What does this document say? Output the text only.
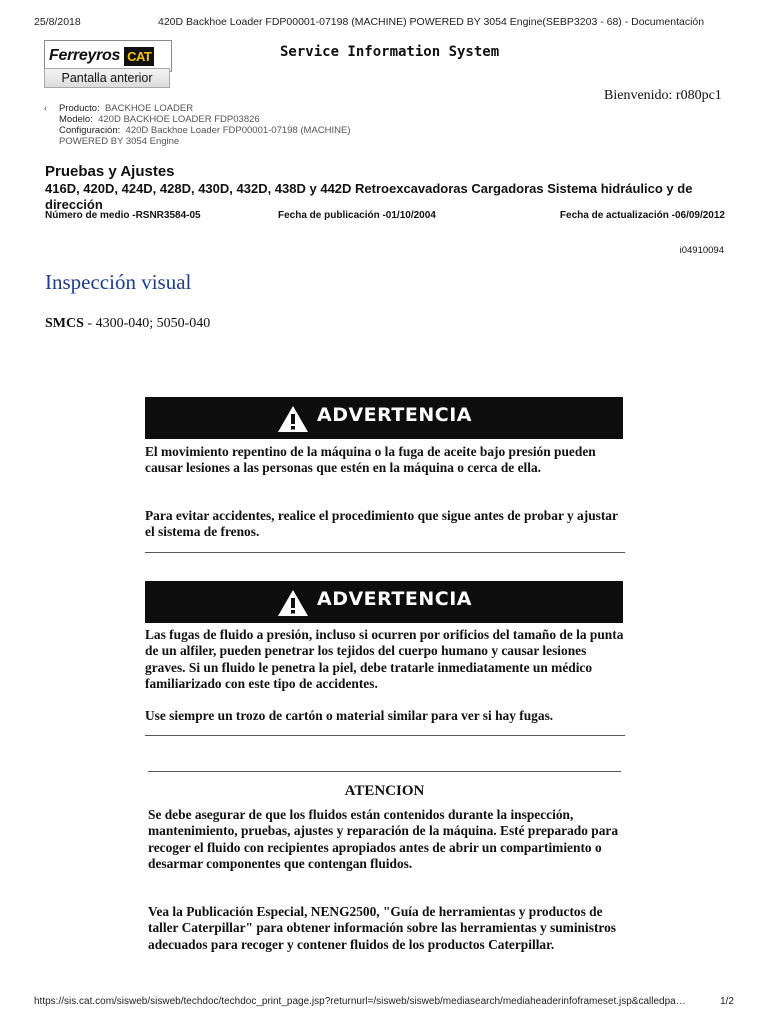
25/8/2018	420D Backhoe Loader FDP00001-07198 (MACHINE) POWERED BY 3054 Engine(SEBP3203 - 68) - Documentación
Ferreyros CAT
Pantalla anterior
Service Information System
Bienvenido: r080pc1
‹ Producto: BACKHOE LOADER
Modelo: 420D BACKHOE LOADER FDP03826
Configuración: 420D Backhoe Loader FDP00001-07198 (MACHINE)
POWERED BY 3054 Engine
Pruebas y Ajustes
416D, 420D, 424D, 428D, 430D, 432D, 438D y 442D Retroexcavadoras Cargadoras Sistema hidráulico y de dirección
Número de medio -RSNR3584-05	Fecha de publicación -01/10/2004	Fecha de actualización -06/09/2012
i04910094
Inspección visual
SMCS - 4300-040; 5050-040
ADVERTENCIA
El movimiento repentino de la máquina o la fuga de aceite bajo presión pueden causar lesiones a las personas que estén en la máquina o cerca de ella.
Para evitar accidentes, realice el procedimiento que sigue antes de probar y ajustar el sistema de frenos.
ADVERTENCIA
Las fugas de fluido a presión, incluso si ocurren por orificios del tamaño de la punta de un alfiler, pueden penetrar los tejidos del cuerpo humano y causar lesiones graves. Si un fluido le penetra la piel, debe tratarle inmediatamente un médico familiarizado con este tipo de accidentes.
Use siempre un trozo de cartón o material similar para ver si hay fugas.
ATENCION
Se debe asegurar de que los fluidos están contenidos durante la inspección, mantenimiento, pruebas, ajustes y reparación de la máquina. Esté preparado para recoger el fluido con recipientes apropiados antes de abrir un compartimiento o desarmar componentes que contengan fluidos.
Vea la Publicación Especial, NENG2500, "Guía de herramientas y productos de taller Caterpillar" para obtener información sobre las herramientas y suministros adecuados para recoger y contener fluidos de los productos Caterpillar.
https://sis.cat.com/sisweb/sisweb/techdoc/techdoc_print_page.jsp?returnurl=/sisweb/sisweb/mediasearch/mediaheaderinfoframeset.jsp&calledpa…	1/2
